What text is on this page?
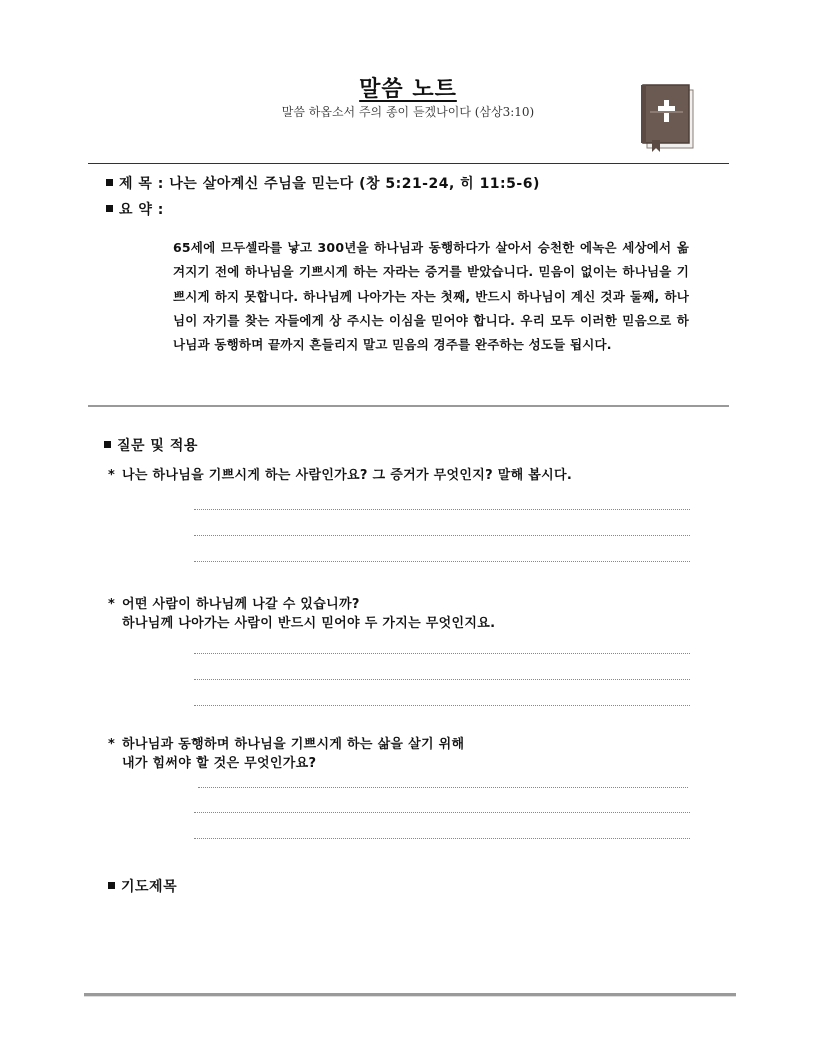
말씀 노트
말씀 하옵소서 주의 종이 듣겠나이다 (삼상3:10)
제 목 : 나는 살아계신 주님을 믿는다 (창 5:21-24, 히 11:5-6)
요 약 :
65세에 므두셀라를 낳고 300년을 하나님과 동행하다가 살아서 승천한 에녹은 세상에서 옮겨지기 전에 하나님을 기쁘시게 하는 자라는 증거를 받았습니다. 믿음이 없이는 하나님을 기쁘시게 하지 못합니다. 하나님께 나아가는 자는 첫째, 반드시 하나님이 계신 것과 둘째, 하나님이 자기를 찾는 자들에게 상 주시는 이심을 믿어야 합니다. 우리 모두 이러한 믿음으로 하나님과 동행하며 끝까지 흔들리지 말고 믿음의 경주를 완주하는 성도들 됩시다.
질문 및 적용
* 나는 하나님을 기쁘시게 하는 사람인가요? 그 증거가 무엇인지? 말해 봅시다.
* 어떤 사람이 하나님께 나갈 수 있습니까?
하나님께 나아가는 사람이 반드시 믿어야 두 가지는 무엇인지요.
* 하나님과 동행하며 하나님을 기쁘시게 하는 삶을 살기 위해
내가 힘써야 할 것은 무엇인가요?
기도제목
